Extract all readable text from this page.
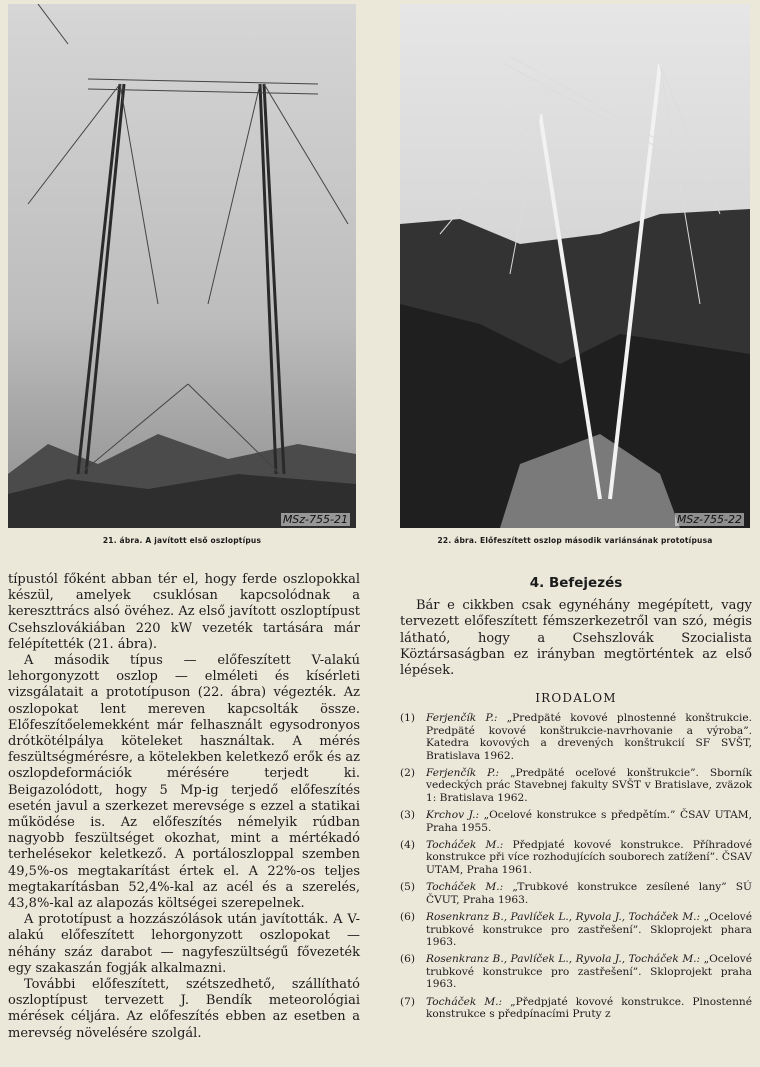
MSz-755-21
21. ábra. A javított első oszloptípus
MSz-755-22
22. ábra. Előfeszített oszlop második variánsának prototípusa

típustól főként abban tér el, hogy ferde oszlopokkal készül, amelyek csuklósan kapcsolódnak a kereszttrács alsó övéhez. Az első javított oszloptípust Csehszlovákiában 220 kW vezeték tartására már felépítették (21. ábra).

A második típus — előfeszített V-alakú lehorgonyzott oszlop — elméleti és kísérleti vizsgálatait a prototípuson (22. ábra) végezték. Az oszlopokat lent mereven kapcsolták össze. Előfeszítőelemekként már felhasznált egysodronyos drótkötélpálya köteleket használtak. A mérés feszültségmérésre, a kötelekben keletkező erők és az oszlopdeformációk mérésére terjedt ki. Beigazolódott, hogy 5 Mp-ig terjedő előfeszítés esetén javul a szerkezet merevsége s ezzel a statikai működése is. Az előfeszítés némelyik rúdban nagyobb feszültséget okozhat, mint a mértékadó terhelésekor keletkező. A portáloszloppal szemben 49,5%-os megtakarítást értek el. A 22%-os teljes megtakarításban 52,4%-kal az acél és a szerelés, 43,8%-kal az alapozás költségei szerepelnek.

A prototípust a hozzászólások után javították. A V-alakú előfeszített lehorgonyzott oszlopokat — néhány száz darabot — nagyfeszültségű fővezeték egy szakaszán fogják alkalmazni.

További előfeszített, szétszedhető, szállítható oszloptípust tervezett J. Bendík meteorológiai mérések céljára. Az előfeszítés ebben az esetben a merevség növelésére szolgál.

4. Befejezés

Bár e cikkben csak egynéhány megépített, vagy tervezett előfeszített fémszerkezetről van szó, mégis látható, hogy a Csehszlovák Szocialista Köztársaságban ez irányban megtörténtek az első lépések.

IRODALOM
(1)	Ferjenčík P.: „Predpäté kovové plnostenné konštrukcie. Predpäté kovové konštrukcie-navrhovanie a výroba”. Katedra kovových a drevených konštrukcií SF SVŠT, Bratislava 1962.
(2)	Ferjenčík P.: „Predpäté oceľové konštrukcie”. Sborník vedeckých prác Stavebnej fakulty SVŠT v Bratislave, zväzok 1: Bratislava 1962.
(3)	Krchov J.: „Ocelové konstrukce s předpětím.” ČSAV UTAM, Praha 1955.
(4)	Tocháček M.: Předpjaté kovové konstrukce. Příhradové konstrukce při více rozhodujících souborech zatížení”. ČSAV UTAM, Praha 1961.
(5)	Tocháček M.: „Trubkové konstrukce zesílené lany” SÚ ČVUT, Praha 1963.
(6)	Rosenkranz B., Pavlíček L., Ryvola J., Tocháček M.: „Ocelové trubkové konstrukce pro zastřešení”. Skloprojekt phara 1963.
(6)	Rosenkranz B., Pavlíček L., Ryvola J., Tocháček M.: „Ocelové trubkové konstrukce pro zastřešení”. Skloprojekt praha 1963.
(7)	Tocháček M.: „Předpjaté kovové konstrukce. Plnostenné konstrukce s předpínacími Pruty z
